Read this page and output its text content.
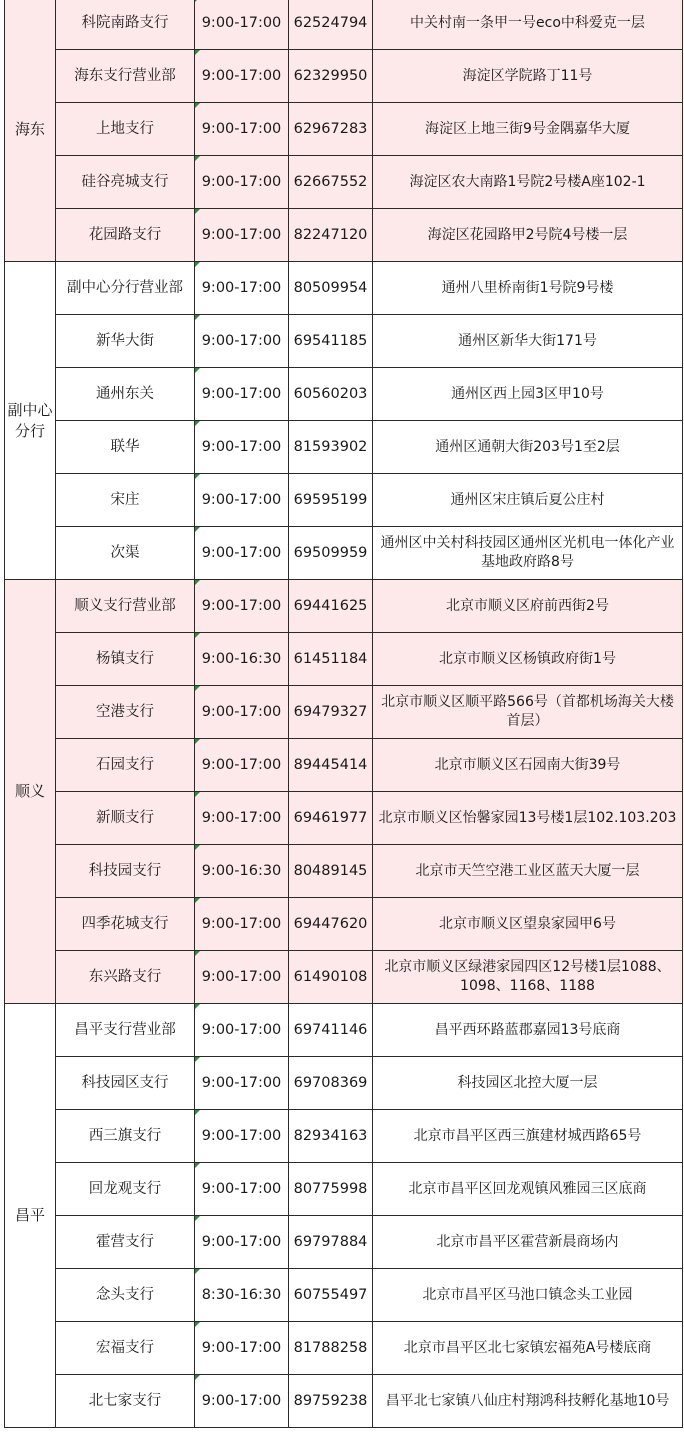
海东	科院南路支行	9:00-17:00	62524794	中关村南一条甲一号eco中科爱克一层
	海东支行营业部	9:00-17:00	62329950	海淀区学院路丁11号
	上地支行	9:00-17:00	62967283	海淀区上地三街9号金隅嘉华大厦
	硅谷亮城支行	9:00-17:00	62667552	海淀区农大南路1号院2号楼A座102-1
	花园路支行	9:00-17:00	82247120	海淀区花园路甲2号院4号楼一层
副中心分行	副中心分行营业部	9:00-17:00	80509954	通州八里桥南街1号院9号楼
	新华大街	9:00-17:00	69541185	通州区新华大街171号
	通州东关	9:00-17:00	60560203	通州区西上园3区甲10号
	联华	9:00-17:00	81593902	通州区通朝大街203号1至2层
	宋庄	9:00-17:00	69595199	通州区宋庄镇后夏公庄村
	次渠	9:00-17:00	69509959	通州区中关村科技园区通州区光机电一体化产业基地政府路8号
顺义	顺义支行营业部	9:00-17:00	69441625	北京市顺义区府前西街2号
	杨镇支行	9:00-16:30	61451184	北京市顺义区杨镇政府街1号
	空港支行	9:00-17:00	69479327	北京市顺义区顺平路566号（首都机场海关大楼首层）
	石园支行	9:00-17:00	89445414	北京市顺义区石园南大街39号
	新顺支行	9:00-17:00	69461977	北京市顺义区怡馨家园13号楼1层102.103.203
	科技园支行	9:00-16:30	80489145	北京市天竺空港工业区蓝天大厦一层
	四季花城支行	9:00-17:00	69447620	北京市顺义区望泉家园甲6号
	东兴路支行	9:00-17:00	61490108	北京市顺义区绿港家园四区12号楼1层1088、1098、1168、1188
昌平	昌平支行营业部	9:00-17:00	69741146	昌平西环路蓝郡嘉园13号底商
	科技园区支行	9:00-17:00	69708369	科技园区北控大厦一层
	西三旗支行	9:00-17:00	82934163	北京市昌平区西三旗建材城西路65号
	回龙观支行	9:00-17:00	80775998	北京市昌平区回龙观镇风雅园三区底商
	霍营支行	9:00-17:00	69797884	北京市昌平区霍营新晨商场内
	念头支行	8:30-16:30	60755497	北京市昌平区马池口镇念头工业园
	宏福支行	9:00-17:00	81788258	北京市昌平区北七家镇宏福苑A号楼底商
	北七家支行	9:00-17:00	89759238	昌平北七家镇八仙庄村翔鸿科技孵化基地10号
